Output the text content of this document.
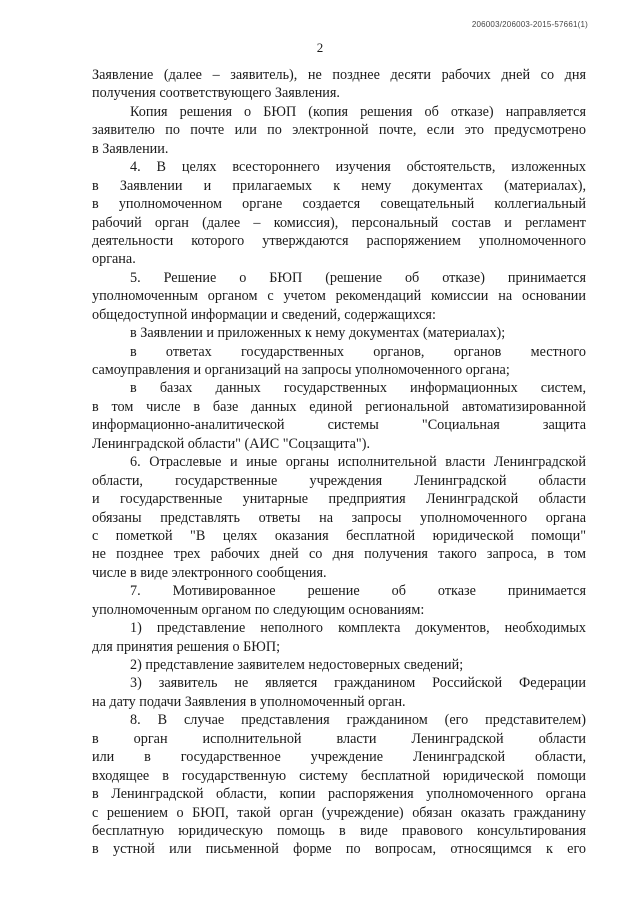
206003/206003-2015-57661(1)
2
Заявление (далее – заявитель), не позднее десяти рабочих дней со дня
получения соответствующего Заявления.
Копия решения о БЮП (копия решения об отказе) направляется
заявителю по почте или по электронной почте, если это предусмотрено
в Заявлении.
4. В целях всестороннего изучения обстоятельств, изложенных
в Заявлении и прилагаемых к нему документах (материалах),
в уполномоченном органе создается совещательный коллегиальный
рабочий орган (далее – комиссия), персональный состав и регламент
деятельности которого утверждаются распоряжением уполномоченного
органа.
5. Решение о БЮП (решение об отказе) принимается
уполномоченным органом с учетом рекомендаций комиссии на основании
общедоступной информации и сведений, содержащихся:
в Заявлении и приложенных к нему документах (материалах);
в ответах государственных органов, органов местного
самоуправления и организаций на запросы уполномоченного органа;
в базах данных государственных информационных систем,
в том числе в базе данных единой региональной автоматизированной
информационно-аналитической системы "Социальная защита
Ленинградской области" (АИС "Соцзащита").
6. Отраслевые и иные органы исполнительной власти Ленинградской
области, государственные учреждения Ленинградской области
и государственные унитарные предприятия Ленинградской области
обязаны представлять ответы на запросы уполномоченного органа
с пометкой "В целях оказания бесплатной юридической помощи"
не позднее трех рабочих дней со дня получения такого запроса, в том
числе в виде электронного сообщения.
7. Мотивированное решение об отказе принимается
уполномоченным органом по следующим основаниям:
1) представление неполного комплекта документов, необходимых
для принятия решения о БЮП;
2) представление заявителем недостоверных сведений;
3) заявитель не является гражданином Российской Федерации
на дату подачи Заявления в уполномоченный орган.
8. В случае представления гражданином (его представителем)
в орган исполнительной власти Ленинградской области
или в государственное учреждение Ленинградской области,
входящее в государственную систему бесплатной юридической помощи
в Ленинградской области, копии распоряжения уполномоченного органа
с решением о БЮП, такой орган (учреждение) обязан оказать гражданину
бесплатную юридическую помощь в виде правового консультирования
в устной или письменной форме по вопросам, относящимся к его
